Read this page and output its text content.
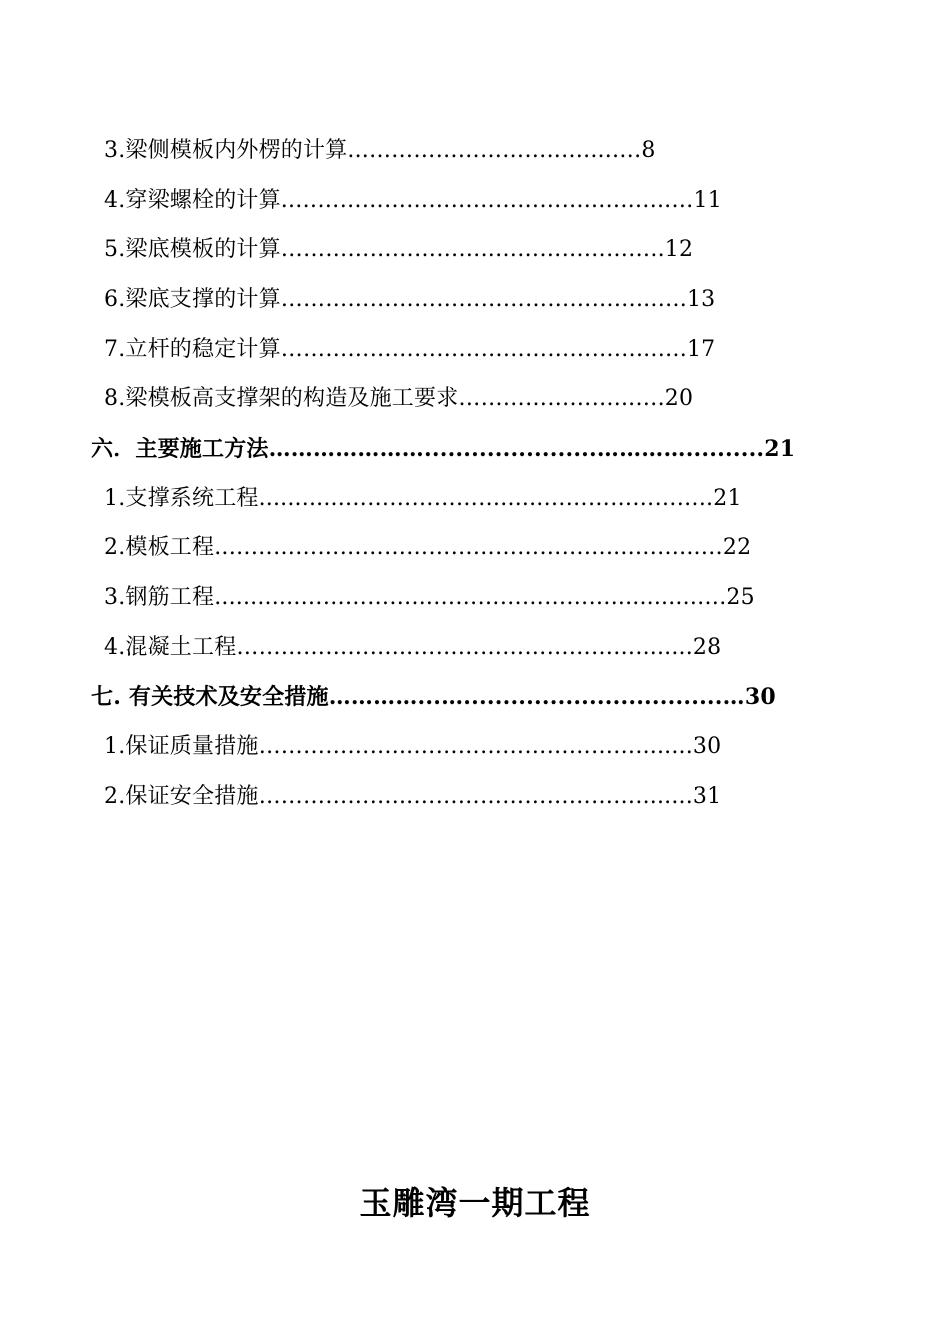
3.梁侧模板内外楞的计算...……………………..…....….8
4.穿梁螺栓的计算..…………………………………..….…...…11
5.梁底模板的计算………………………..…………………..12
6.梁底支撑的计算…………………………………………...….13
7.立杆的稳定计算…………………………………………...….17
8.梁模板高支撑架的构造及施工要求…………………...….20
六．主要施工方法…………………......................…………..........21
1.支撑系统工程............…………………......…………………..21
2.模板工程..……………………………………………...….…...…22
3.钢筋工程............……………...……………………............….25
4.混凝土工程…………………...…………………………........28
七. 有关技术及安全措施…………...….................................…30
1.保证质量措施………………...…………………………........30
2.保证安全措施………………...…………………………........31
玉雕湾一期工程
